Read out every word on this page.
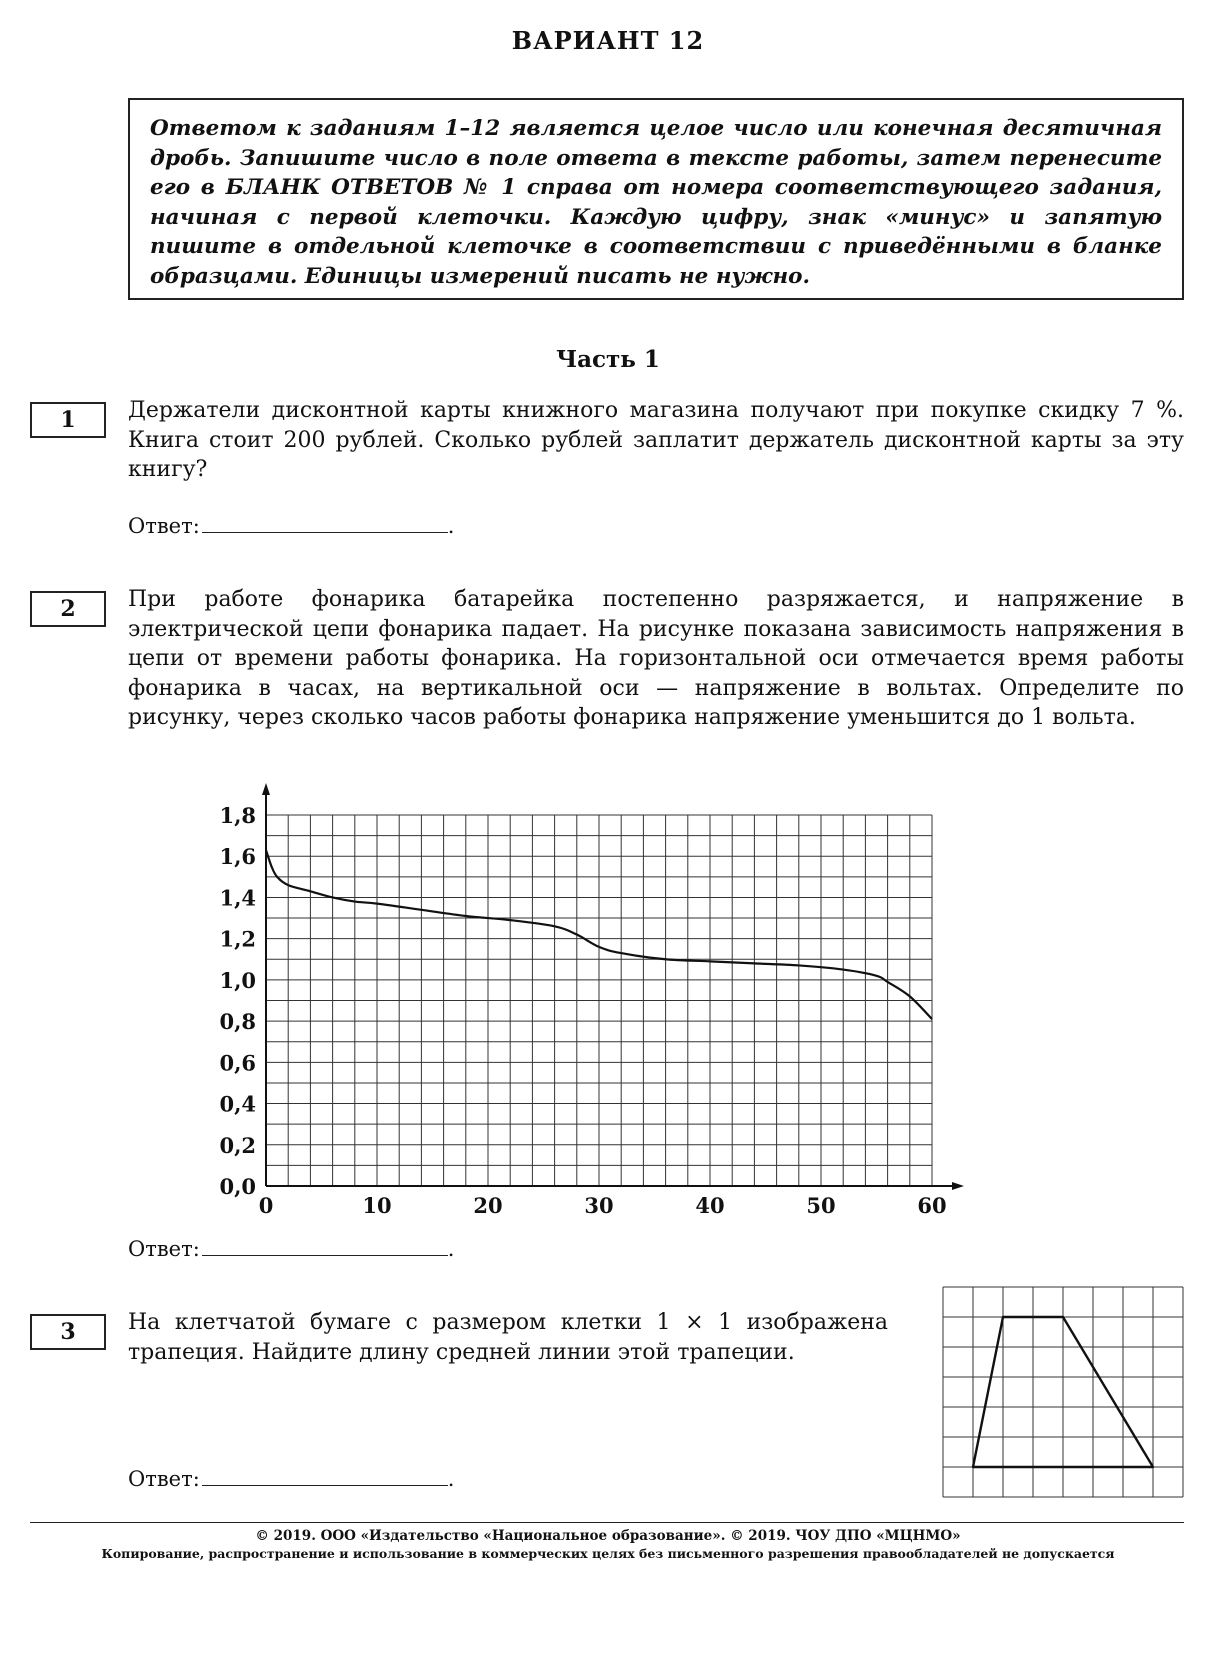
ВАРИАНТ 12
Ответом к заданиям 1–12 является целое число или конечная десятичная дробь. Запишите число в поле ответа в тексте работы, затем перенесите его в БЛАНК ОТВЕТОВ № 1 справа от номера соответствующего задания, начиная с первой клеточки. Каждую цифру, знак «минус» и запятую пишите в отдельной клеточке в соответствии с приведёнными в бланке образцами. Единицы измерений писать не нужно.
Часть 1
1	Держатели дисконтной карты книжного магазина получают при покупке скидку 7 %. Книга стоит 200 рублей. Сколько рублей заплатит держатель дисконтной карты за эту книгу?
Ответ:	.
2	При работе фонарика батарейка постепенно разряжается, и напряжение в электрической цепи фонарика падает. На рисунке показана зависимость напряжения в цепи от времени работы фонарика. На горизонтальной оси отмечается время работы фонарика в часах, на вертикальной оси — напряжение в вольтах. Определите по рисунку, через сколько часов работы фонарика напряжение уменьшится до 1 вольта.
0	10	20	30	40	50	60
0,0
0,2
0,4
0,6
0,8
1,0
1,2
1,4
1,6
1,8
Ответ:	.
3	На клетчатой бумаге с размером клетки 1 × 1 изображена трапеция. Найдите длину средней линии этой трапеции.
Ответ:	.
© 2019. ООО «Издательство «Национальное образование». © 2019. ЧОУ ДПО «МЦНМО»
Копирование, распространение и использование в коммерческих целях без письменного разрешения правообладателей не допускается
